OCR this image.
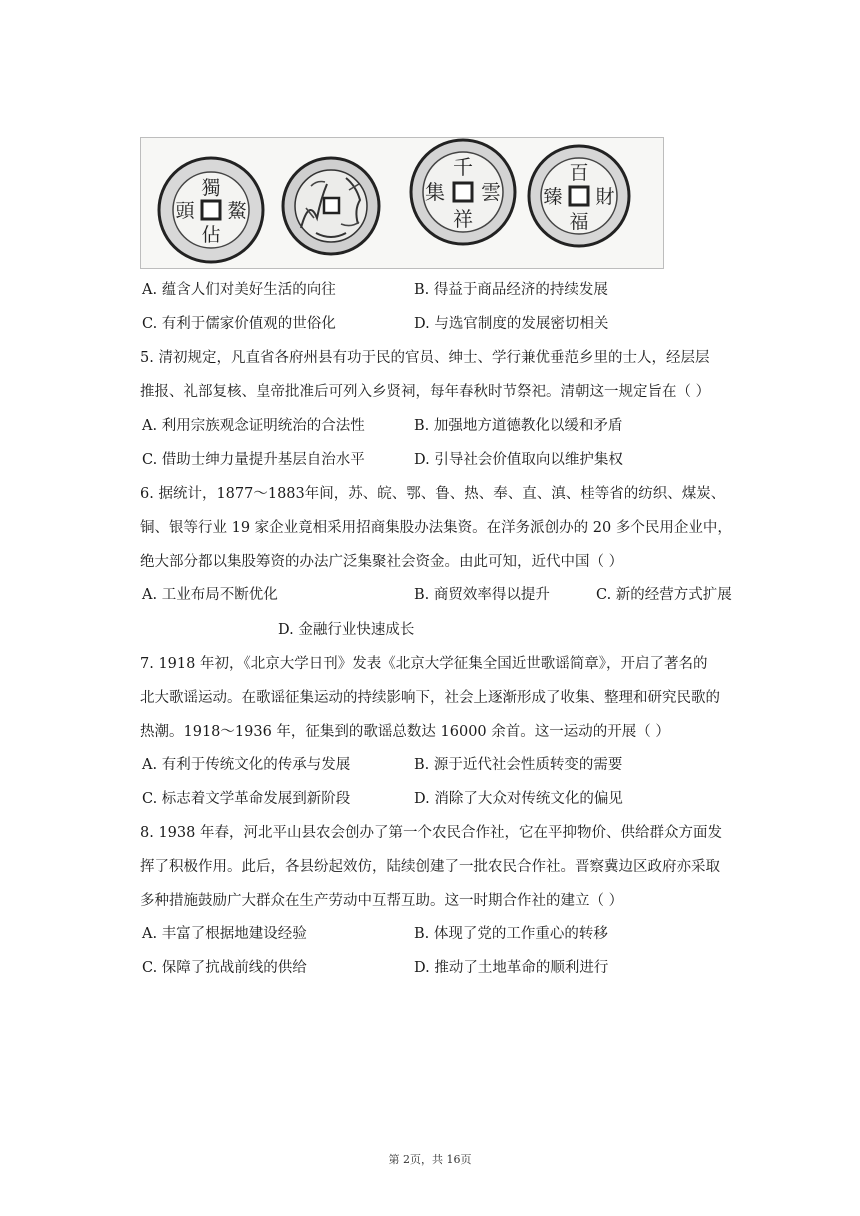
獨
鰲
佔
頭
千
雲
祥
集
百
財
福
臻
A. 蕴含人们对美好生活的向往	B. 得益于商品经济的持续发展
C. 有利于儒家价值观的世俗化	D. 与选官制度的发展密切相关
5. 清初规定，凡直省各府州县有功于民的官员、绅士、学行兼优垂范乡里的士人，经层层
推报、礼部复核、皇帝批准后可列入乡贤祠，每年春秋时节祭祀。清朝这一规定旨在（ ）
A. 利用宗族观念证明统治的合法性	B. 加强地方道德教化以缓和矛盾
C. 借助士绅力量提升基层自治水平	D. 引导社会价值取向以维护集权
6. 据统计，1877～1883年间，苏、皖、鄂、鲁、热、奉、直、滇、桂等省的纺织、煤炭、
铜、银等行业 19 家企业竟相采用招商集股办法集资。在洋务派创办的 20 多个民用企业中，
绝大部分都以集股筹资的办法广泛集聚社会资金。由此可知，近代中国（ ）
A. 工业布局不断优化	B. 商贸效率得以提升	C. 新的经营方式扩展
D. 金融行业快速成长
7. 1918 年初，《北京大学日刊》发表《北京大学征集全国近世歌谣简章》，开启了著名的
北大歌谣运动。在歌谣征集运动的持续影响下，社会上逐渐形成了收集、整理和研究民歌的
热潮。1918～1936 年，征集到的歌谣总数达 16000 余首。这一运动的开展（ ）
A. 有利于传统文化的传承与发展	B. 源于近代社会性质转变的需要
C. 标志着文学革命发展到新阶段	D. 消除了大众对传统文化的偏见
8. 1938 年春，河北平山县农会创办了第一个农民合作社，它在平抑物价、供给群众方面发
挥了积极作用。此后，各县纷起效仿，陆续创建了一批农民合作社。晋察冀边区政府亦采取
多种措施鼓励广大群众在生产劳动中互帮互助。这一时期合作社的建立（ ）
A. 丰富了根据地建设经验	B. 体现了党的工作重心的转移
C. 保障了抗战前线的供给	D. 推动了土地革命的顺利进行
第 2页，共 16页
